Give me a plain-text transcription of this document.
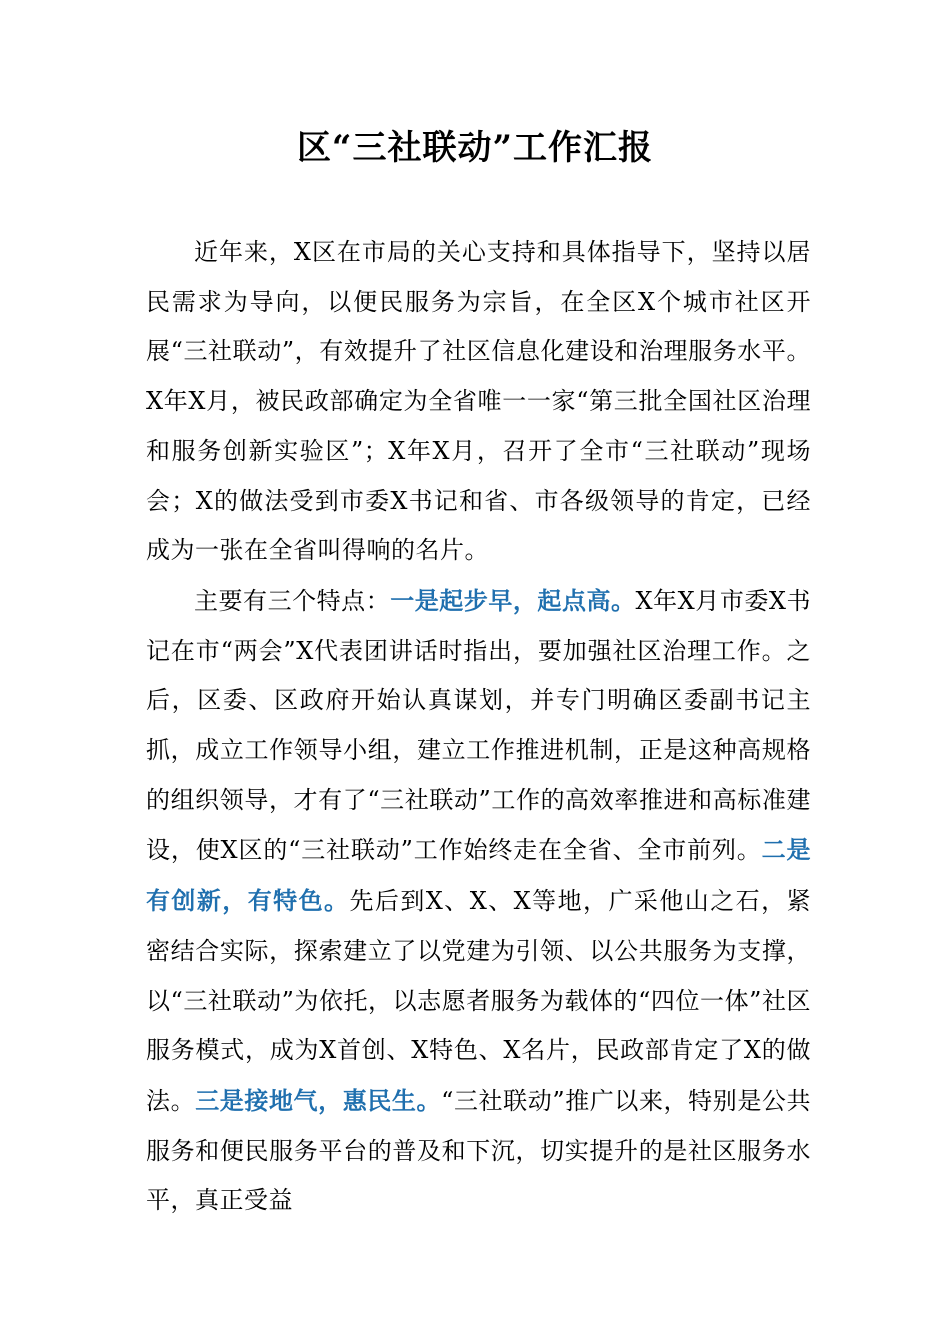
区“三社联动”工作汇报

近年来，X区在市局的关心支持和具体指导下，坚持以居民需求为导向，以便民服务为宗旨，在全区X个城市社区开展“三社联动”，有效提升了社区信息化建设和治理服务水平。X年X月，被民政部确定为全省唯一一家“第三批全国社区治理和服务创新实验区”；X年X月，召开了全市“三社联动”现场会；X的做法受到市委X书记和省、市各级领导的肯定，已经成为一张在全省叫得响的名片。

主要有三个特点：一是起步早，起点高。X年X月市委X书记在市“两会”X代表团讲话时指出，要加强社区治理工作。之后，区委、区政府开始认真谋划，并专门明确区委副书记主抓，成立工作领导小组，建立工作推进机制，正是这种高规格的组织领导，才有了“三社联动”工作的高效率推进和高标准建设，使X区的“三社联动”工作始终走在全省、全市前列。二是有创新，有特色。先后到X、X、X等地，广采他山之石，紧密结合实际，探索建立了以党建为引领、以公共服务为支撑，以“三社联动”为依托，以志愿者服务为载体的“四位一体”社区服务模式，成为X首创、X特色、X名片，民政部肯定了X的做法。三是接地气，惠民生。“三社联动”推广以来，特别是公共服务和便民服务平台的普及和下沉，切实提升的是社区服务水平，真正受益
